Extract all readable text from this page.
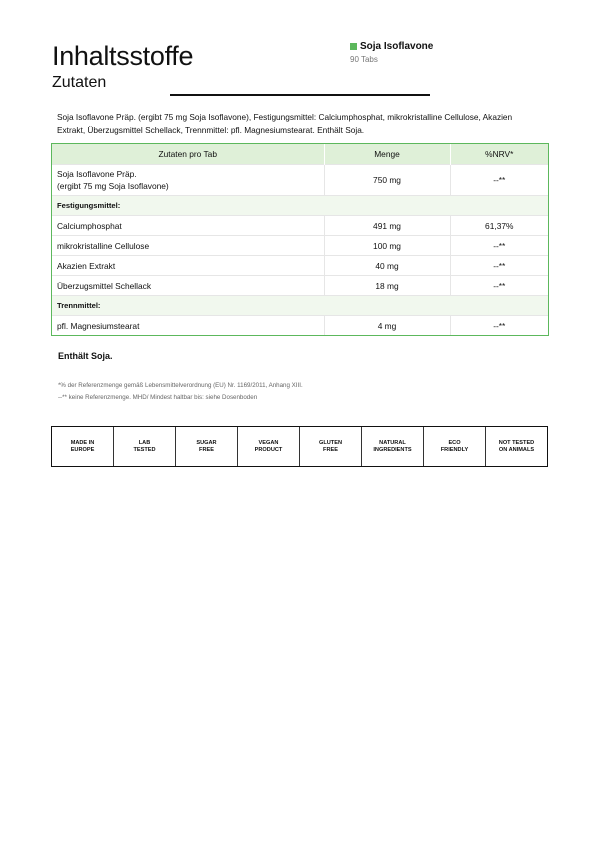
Inhaltsstoffe
Zutaten
Soja Isoflavone
90 Tabs
Soja Isoflavone Präp. (ergibt 75 mg Soja Isoflavone), Festigungsmittel: Calciumphosphat, mikrokristalline Cellulose, Akazien Extrakt, Überzugsmittel Schellack, Trennmittel: pfl. Magnesiumstearat. Enthält Soja.
Zutaten pro Tab	Menge	%NRV*
Soja Isoflavone Präp.
(ergibt 75 mg Soja Isoflavone)	750 mg	--**
Festigungsmittel:		
Calciumphosphat	491 mg	61,37%
mikrokristalline Cellulose	100 mg	--**
Akazien Extrakt	40 mg	--**
Überzugsmittel Schellack	18 mg	--**
Trennmittel:		
pfl. Magnesiumstearat	4 mg	--**
Enthält Soja.
*% der Referenzmenge gemäß Lebensmittelverordnung (EU) Nr. 1169/2011, Anhang XIII.
--** keine Referenzmenge. MHD/ Mindest haltbar bis: siehe Dosenboden
MADE IN
EUROPE
LAB
TESTED
SUGAR
FREE
VEGAN
PRODUCT
GLUTEN
FREE
NATURAL
INGREDIENTS
ECO
FRIENDLY
NOT TESTED
ON ANIMALS
